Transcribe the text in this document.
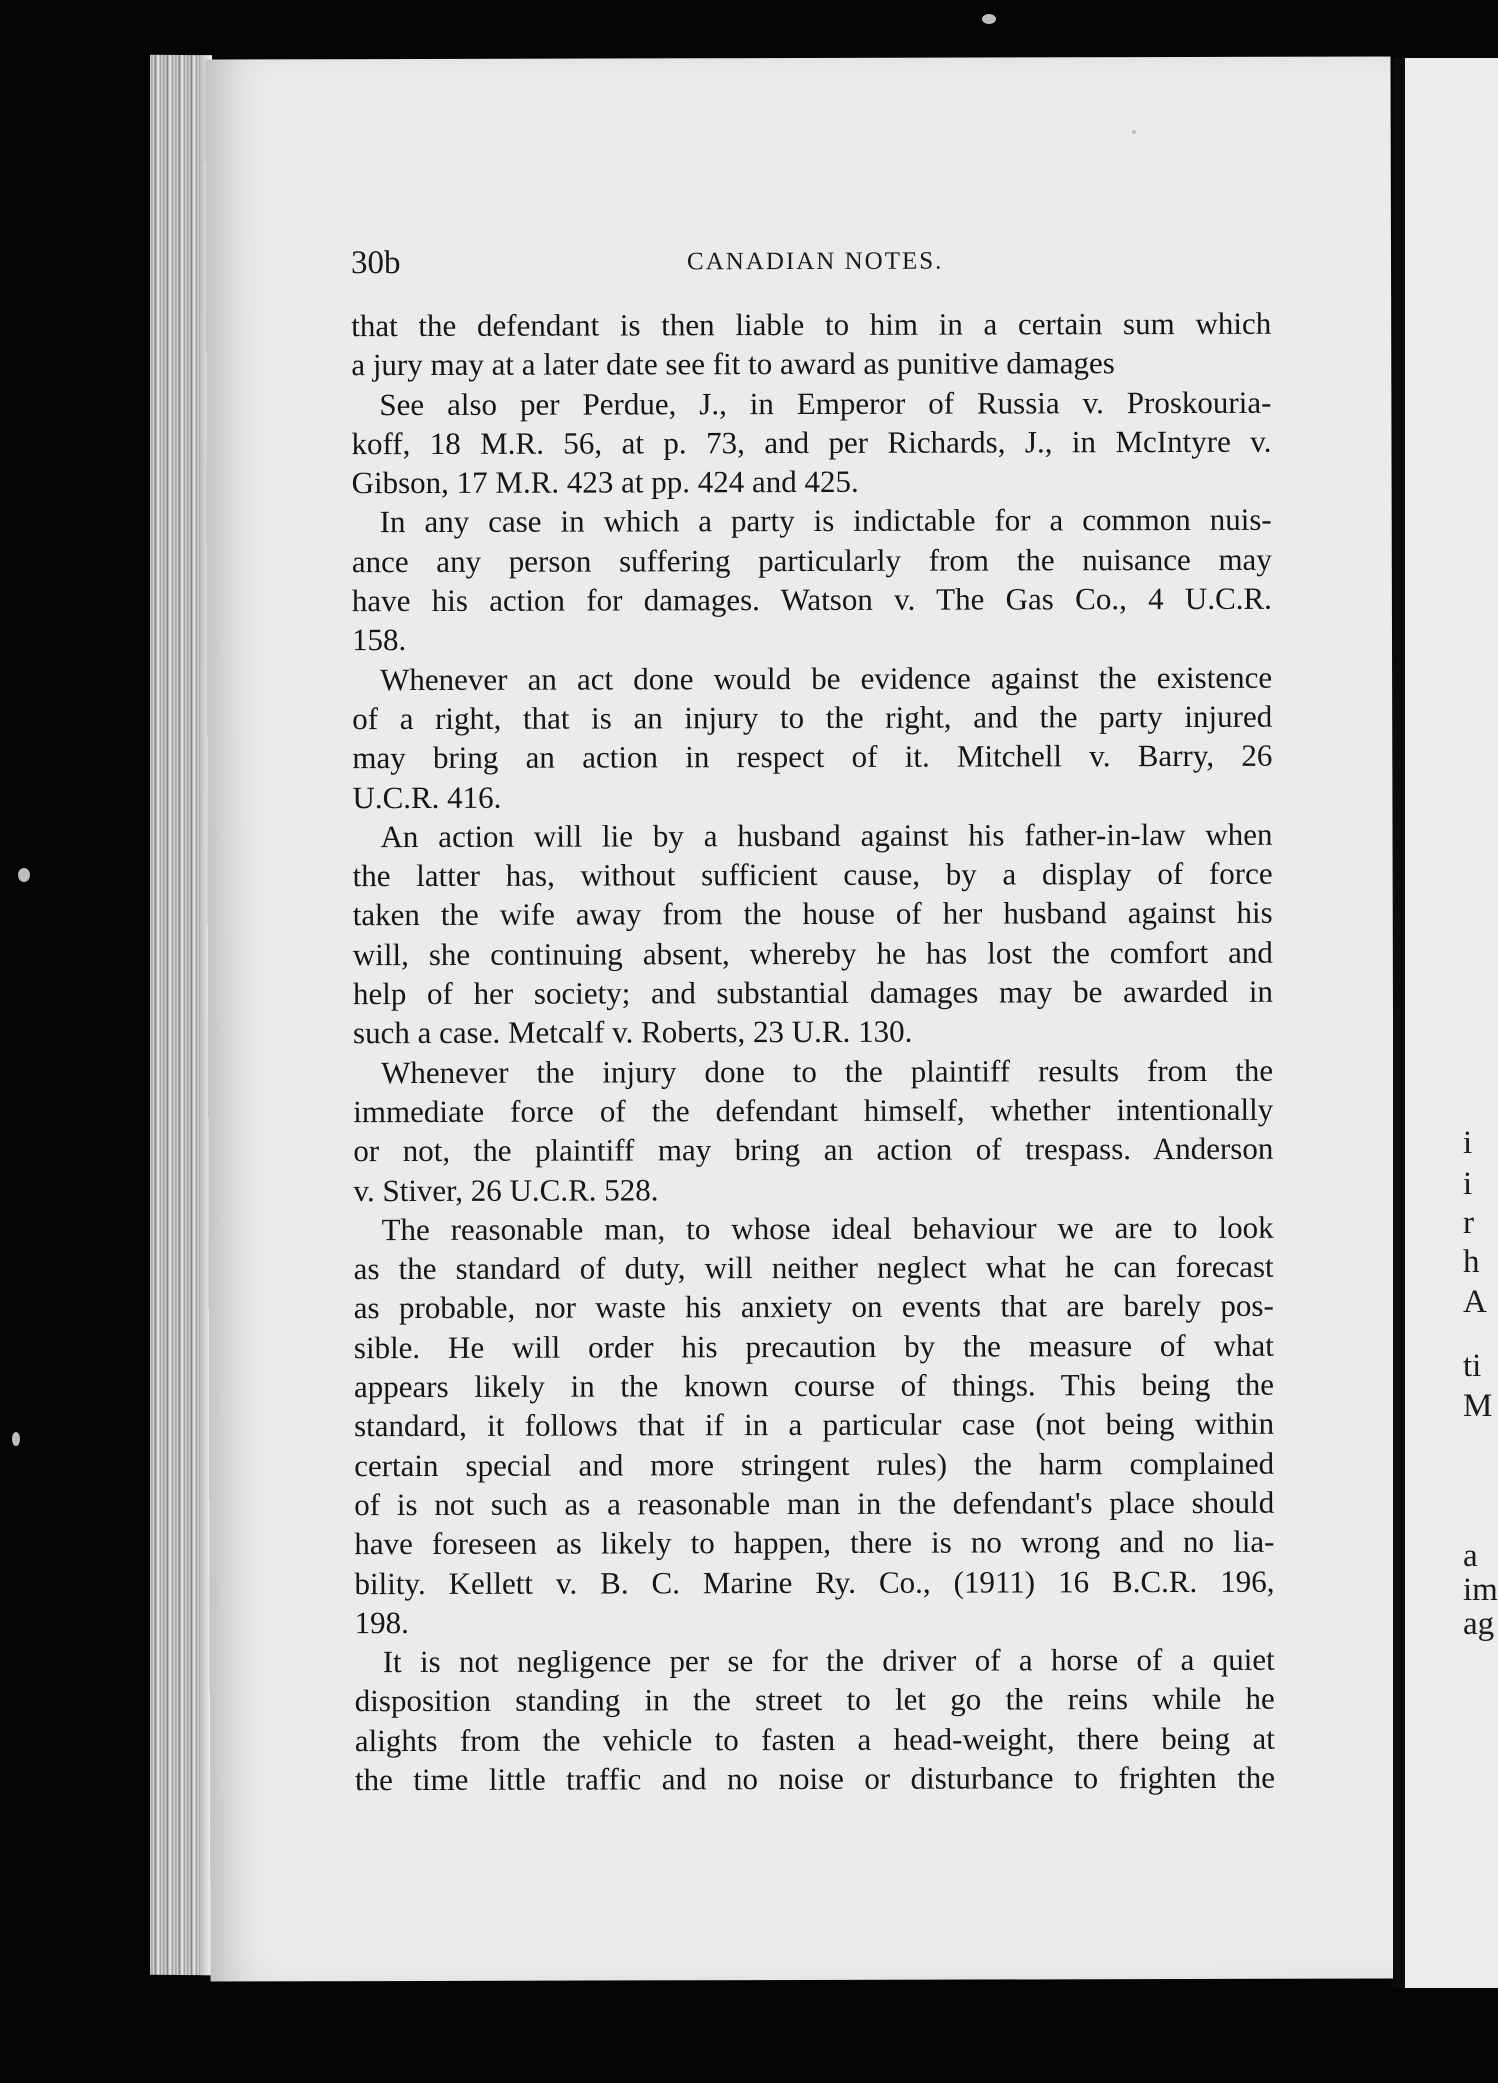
30b	CANADIAN NOTES.
that the defendant is then liable to him in a certain sum which
a jury may at a later date see fit to award as punitive damages
See also per Perdue, J., in Emperor of Russia v. Proskouria-
koff, 18 M.R. 56, at p. 73, and per Richards, J., in McIntyre v.
Gibson, 17 M.R. 423 at pp. 424 and 425.
In any case in which a party is indictable for a common nuis-
ance any person suffering particularly from the nuisance may
have his action for damages. Watson v. The Gas Co., 4 U.C.R.
158.
Whenever an act done would be evidence against the existence
of a right, that is an injury to the right, and the party injured
may bring an action in respect of it. Mitchell v. Barry, 26
U.C.R. 416.
An action will lie by a husband against his father-in-law when
the latter has, without sufficient cause, by a display of force
taken the wife away from the house of her husband against his
will, she continuing absent, whereby he has lost the comfort and
help of her society; and substantial damages may be awarded in
such a case. Metcalf v. Roberts, 23 U.R. 130.
Whenever the injury done to the plaintiff results from the
immediate force of the defendant himself, whether intentionally
or not, the plaintiff may bring an action of trespass. Anderson
v. Stiver, 26 U.C.R. 528.
The reasonable man, to whose ideal behaviour we are to look
as the standard of duty, will neither neglect what he can forecast
as probable, nor waste his anxiety on events that are barely pos-
sible. He will order his precaution by the measure of what
appears likely in the known course of things. This being the
standard, it follows that if in a particular case (not being within
certain special and more stringent rules) the harm complained
of is not such as a reasonable man in the defendant's place should
have foreseen as likely to happen, there is no wrong and no lia-
bility. Kellett v. B. C. Marine Ry. Co., (1911) 16 B.C.R. 196,
198.
It is not negligence per se for the driver of a horse of a quiet
disposition standing in the street to let go the reins while he
alights from the vehicle to fasten a head-weight, there being at
the time little traffic and no noise or disturbance to frighten the
i
i
r
h
A
ti
M
a
im
ag
